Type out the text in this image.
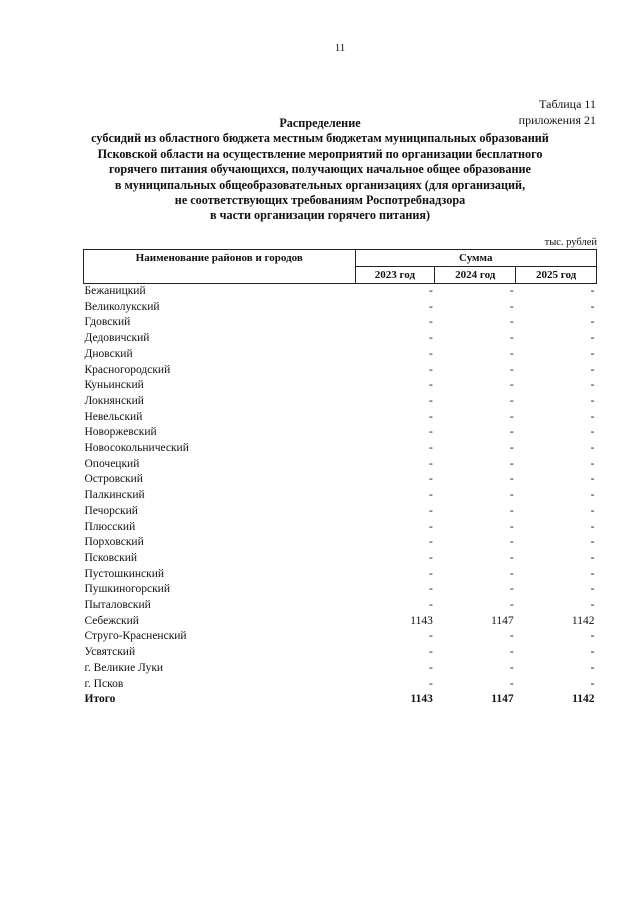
11
Таблица 11
приложения 21
Распределение
субсидий из областного бюджета местным бюджетам муниципальных образований
Псковской области на осуществление мероприятий по организации бесплатного
горячего питания обучающихся, получающих начальное общее образование
в муниципальных общеобразовательных организациях (для организаций,
не соответствующих требованиям Роспотребнадзора
в части организации горячего питания)
тыс. рублей
Наименование районов и городов	Сумма		
	2023 год	2024 год	2025 год
Бежаницкий	-	-	-
Великолукский	-	-	-
Гдовский	-	-	-
Дедовичский	-	-	-
Дновский	-	-	-
Красногородский	-	-	-
Куньинский	-	-	-
Локнянский	-	-	-
Невельский	-	-	-
Новоржевский	-	-	-
Новосокольнический	-	-	-
Опочецкий	-	-	-
Островский	-	-	-
Палкинский	-	-	-
Печорский	-	-	-
Плюсский	-	-	-
Порховский	-	-	-
Псковский	-	-	-
Пустошкинский	-	-	-
Пушкиногорский	-	-	-
Пыталовский	-	-	-
Себежский	1143	1147	1142
Струго-Красненский	-	-	-
Усвятский	-	-	-
г. Великие Луки	-	-	-
г. Псков	-	-	-
Итого	1143	1147	1142
